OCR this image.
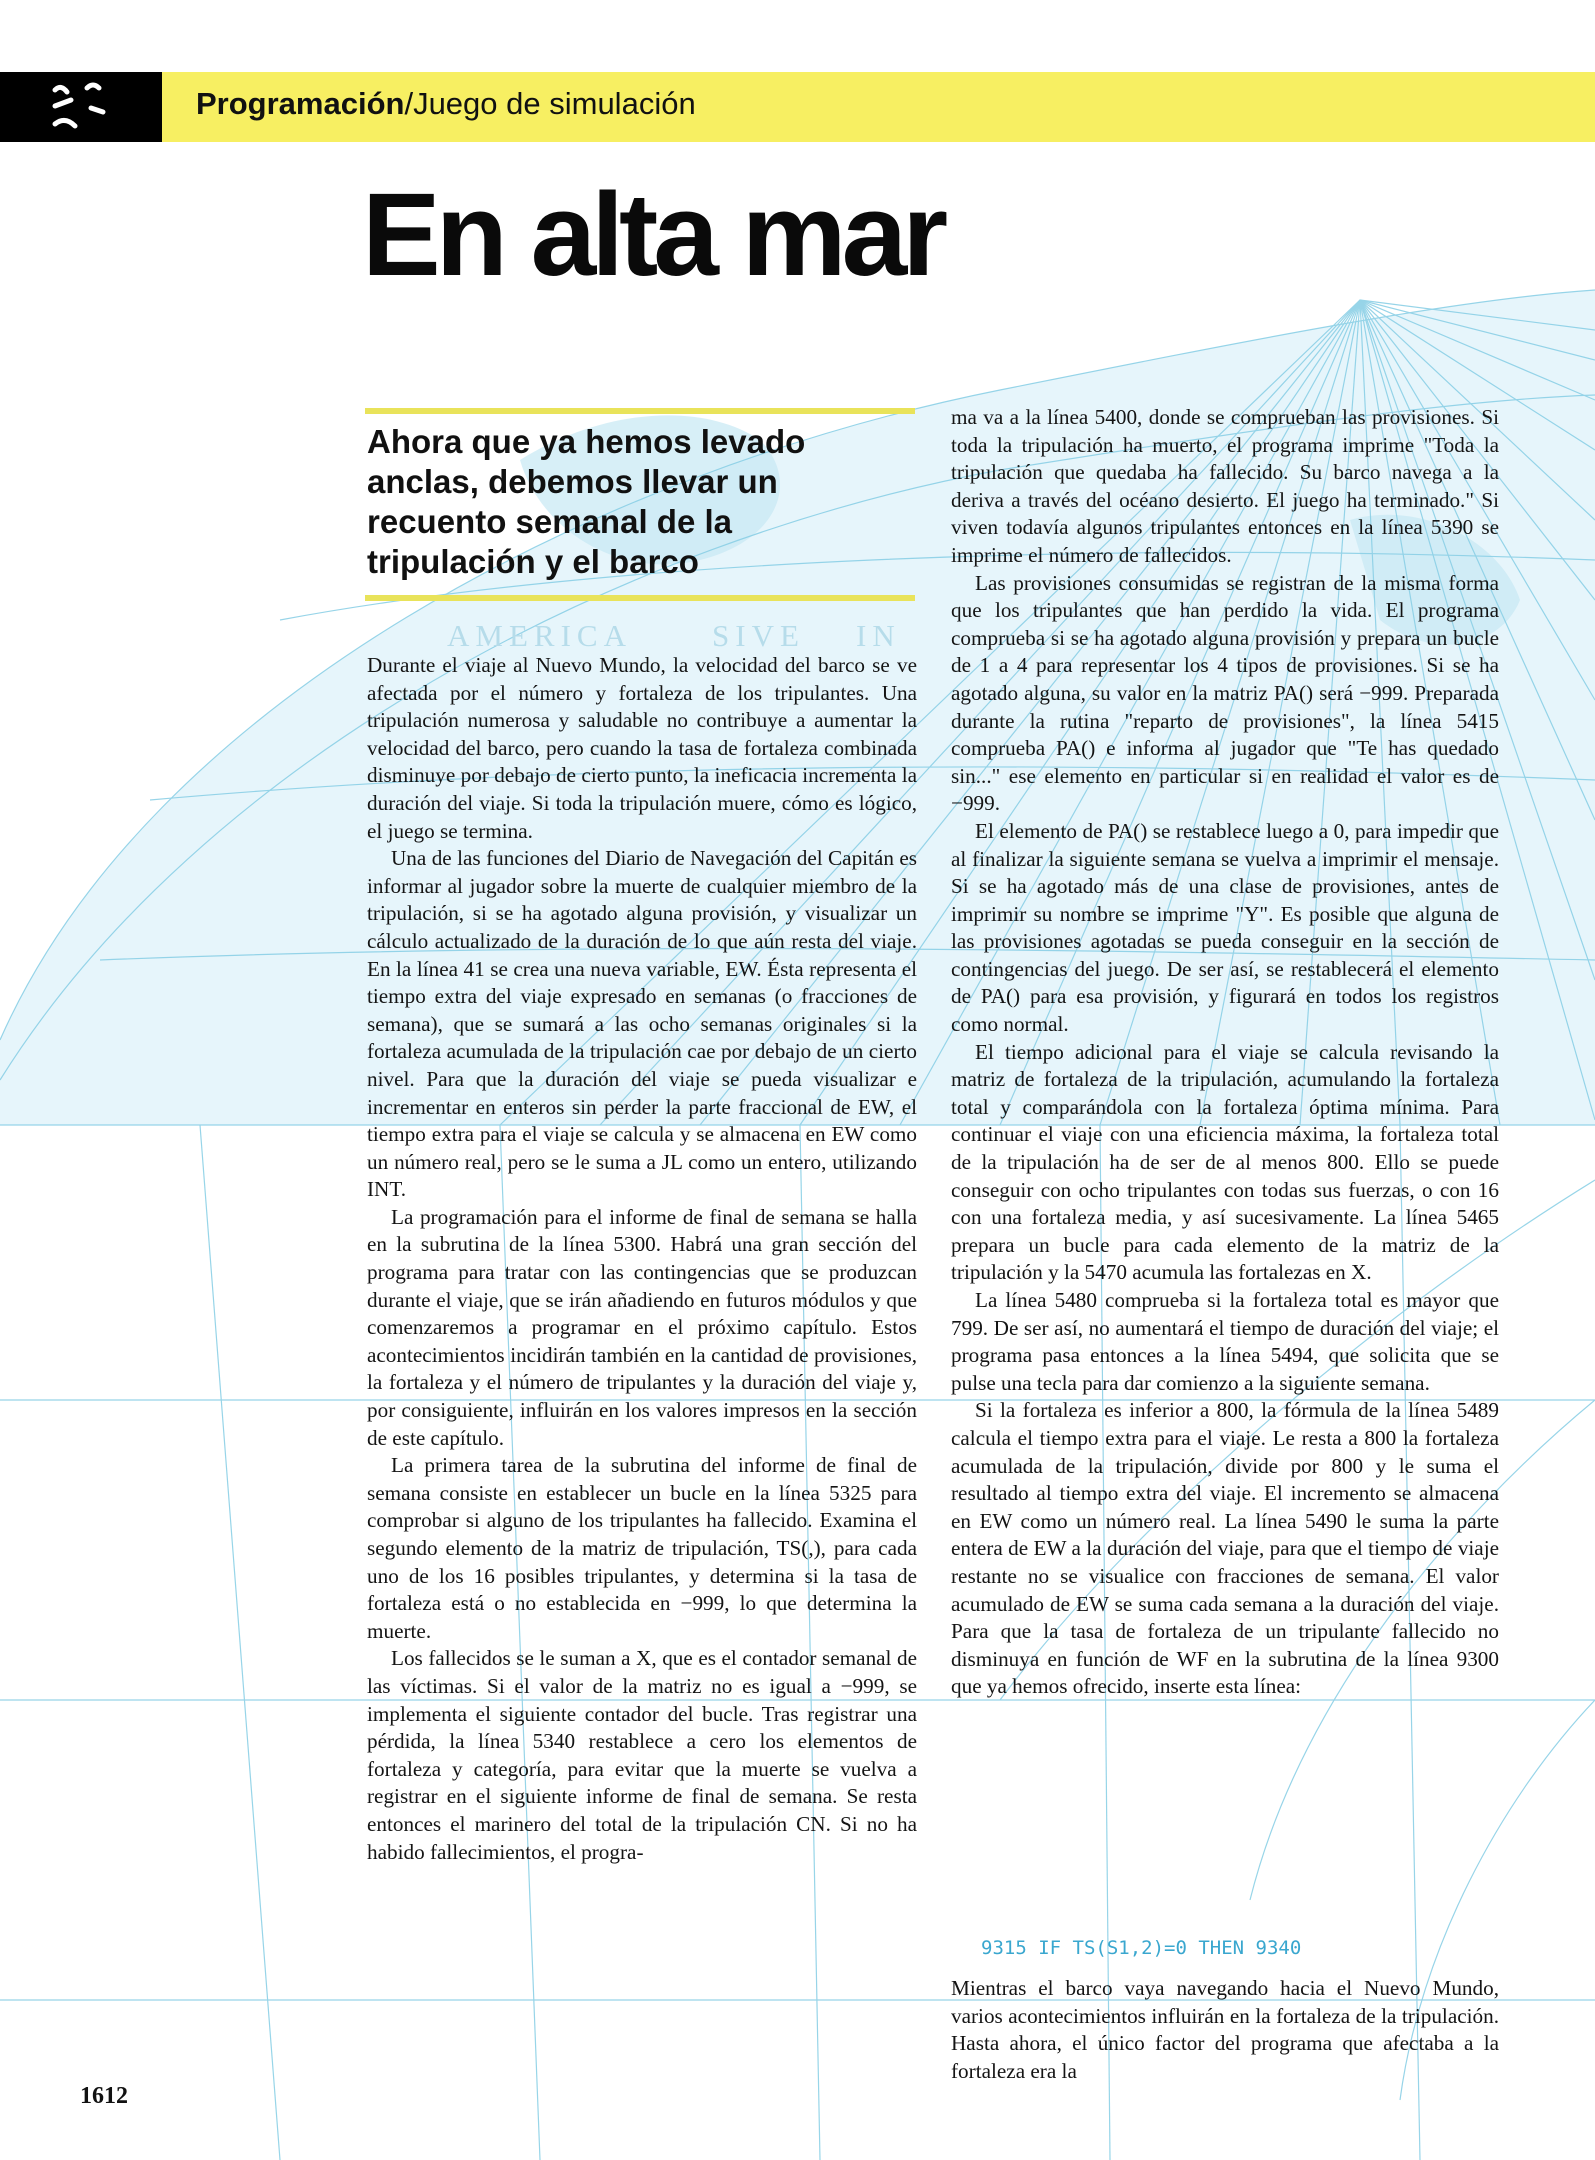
Programación/Juego de simulación
En alta mar
Ahora que ya hemos levado anclas, debemos llevar un recuento semanal de la tripulación y el barco
AMERICA	SIVE IN

Durante el viaje al Nuevo Mundo, la velocidad del barco se ve afectada por el número y fortaleza de los tripulantes. Una tripulación numerosa y saludable no contribuye a aumentar la velocidad del barco, pero cuando la tasa de fortaleza combinada disminuye por debajo de cierto punto, la ineficacia incrementa la duración del viaje. Si toda la tripulación muere, cómo es lógico, el juego se termina.

Una de las funciones del Diario de Navegación del Capitán es informar al jugador sobre la muerte de cualquier miembro de la tripulación, si se ha agotado alguna provisión, y visualizar un cálculo actualizado de la duración de lo que aún resta del viaje. En la línea 41 se crea una nueva variable, EW. Ésta representa el tiempo extra del viaje expresado en semanas (o fracciones de semana), que se sumará a las ocho semanas originales si la fortaleza acumulada de la tripulación cae por debajo de un cierto nivel. Para que la duración del viaje se pueda visualizar e incrementar en enteros sin perder la parte fraccional de EW, el tiempo extra para el viaje se calcula y se almacena en EW como un número real, pero se le suma a JL como un entero, utilizando INT.

La programación para el informe de final de semana se halla en la subrutina de la línea 5300. Habrá una gran sección del programa para tratar con las contingencias que se produzcan durante el viaje, que se irán añadiendo en futuros módulos y que comenzaremos a programar en el próximo capítulo. Estos acontecimientos incidirán también en la cantidad de provisiones, la fortaleza y el número de tripulantes y la duración del viaje y, por consiguiente, influirán en los valores impresos en la sección de este capítulo.

La primera tarea de la subrutina del informe de final de semana consiste en establecer un bucle en la línea 5325 para comprobar si alguno de los tripulantes ha fallecido. Examina el segundo elemento de la matriz de tripulación, TS(,), para cada uno de los 16 posibles tripulantes, y determina si la tasa de fortaleza está o no establecida en −999, lo que determina la muerte.

Los fallecidos se le suman a X, que es el contador semanal de las víctimas. Si el valor de la matriz no es igual a −999, se implementa el siguiente contador del bucle. Tras registrar una pérdida, la línea 5340 restablece a cero los elementos de fortaleza y categoría, para evitar que la muerte se vuelva a registrar en el siguiente informe de final de semana. Se resta entonces el marinero del total de la tripulación CN. Si no ha habido fallecimientos, el progra-

ma va a la línea 5400, donde se comprueban las provisiones. Si toda la tripulación ha muerto, el programa imprime "Toda la tripulación que quedaba ha fallecido. Su barco navega a la deriva a través del océano desierto. El juego ha terminado." Si viven todavía algunos tripulantes entonces en la línea 5390 se imprime el número de fallecidos.

Las provisiones consumidas se registran de la misma forma que los tripulantes que han perdido la vida. El programa comprueba si se ha agotado alguna provisión y prepara un bucle de 1 a 4 para representar los 4 tipos de provisiones. Si se ha agotado alguna, su valor en la matriz PA() será −999. Preparada durante la rutina "reparto de provisiones", la línea 5415 comprueba PA() e informa al jugador que "Te has quedado sin..." ese elemento en particular si en realidad el valor es de −999.

El elemento de PA() se restablece luego a 0, para impedir que al finalizar la siguiente semana se vuelva a imprimir el mensaje. Si se ha agotado más de una clase de provisiones, antes de imprimir su nombre se imprime "Y". Es posible que alguna de las provisiones agotadas se pueda conseguir en la sección de contingencias del juego. De ser así, se restablecerá el elemento de PA() para esa provisión, y figurará en todos los registros como normal.

El tiempo adicional para el viaje se calcula revisando la matriz de fortaleza de la tripulación, acumulando la fortaleza total y comparándola con la fortaleza óptima mínima. Para continuar el viaje con una eficiencia máxima, la fortaleza total de la tripulación ha de ser de al menos 800. Ello se puede conseguir con ocho tripulantes con todas sus fuerzas, o con 16 con una fortaleza media, y así sucesivamente. La línea 5465 prepara un bucle para cada elemento de la matriz de la tripulación y la 5470 acumula las fortalezas en X.

La línea 5480 comprueba si la fortaleza total es mayor que 799. De ser así, no aumentará el tiempo de duración del viaje; el programa pasa entonces a la línea 5494, que solicita que se pulse una tecla para dar comienzo a la siguiente semana.

Si la fortaleza es inferior a 800, la fórmula de la línea 5489 calcula el tiempo extra para el viaje. Le resta a 800 la fortaleza acumulada de la tripulación, divide por 800 y le suma el resultado al tiempo extra del viaje. El incremento se almacena en EW como un número real. La línea 5490 le suma la parte entera de EW a la duración del viaje, para que el tiempo de viaje restante no se visualice con fracciones de semana. El valor acumulado de EW se suma cada semana a la duración del viaje. Para que la tasa de fortaleza de un tripulante fallecido no disminuya en función de WF en la subrutina de la línea 9300 que ya hemos ofrecido, inserte esta línea:

9315 IF TS(S1,2)=0 THEN 9340

Mientras el barco vaya navegando hacia el Nuevo Mundo, varios acontecimientos influirán en la fortaleza de la tripulación. Hasta ahora, el único factor del programa que afectaba a la fortaleza era la

1612
